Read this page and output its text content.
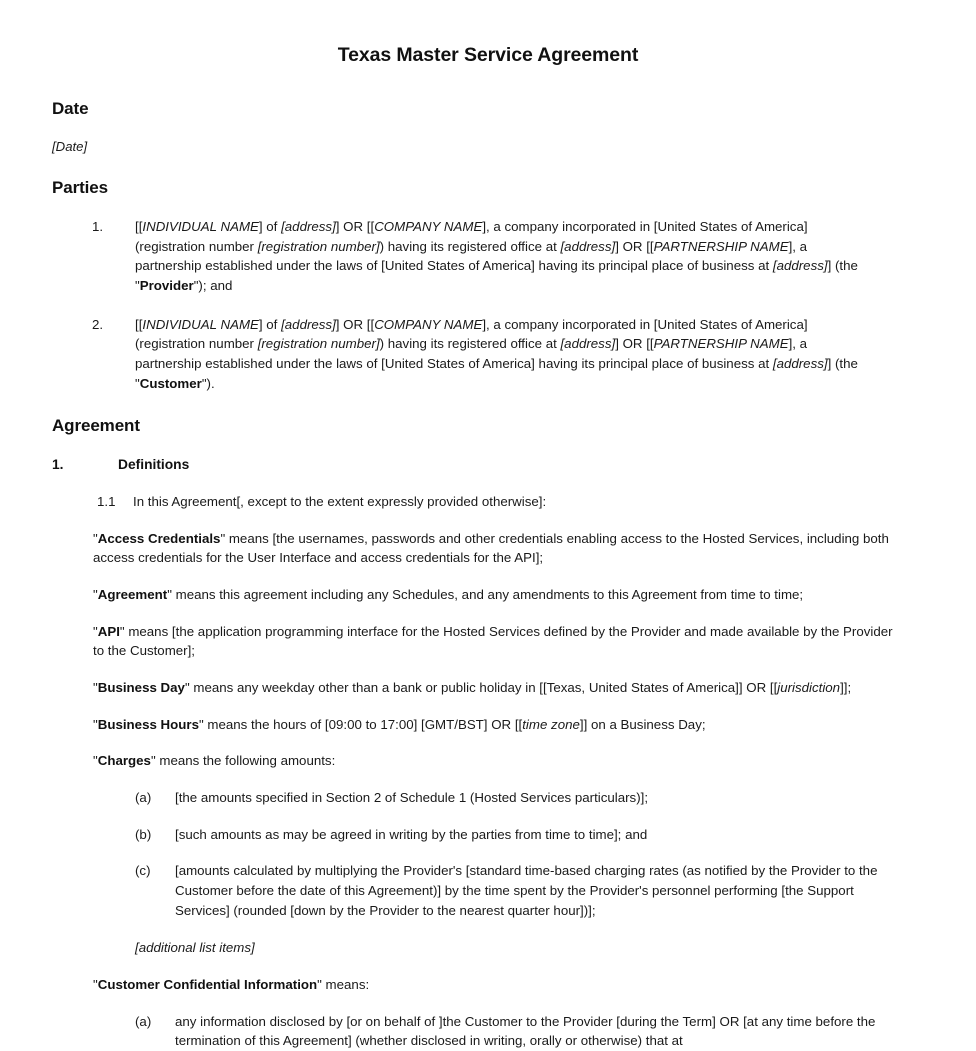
Texas Master Service Agreement
Date

[Date]

Parties
1.	[[INDIVIDUAL NAME] of [address]] OR [[COMPANY NAME], a company incorporated in [United States of America] (registration number [registration number]) having its registered office at [address]] OR [[PARTNERSHIP NAME], a partnership established under the laws of [United States of America] having its principal place of business at [address]] (the "Provider"); and
2.	[[INDIVIDUAL NAME] of [address]] OR [[COMPANY NAME], a company incorporated in [United States of America] (registration number [registration number]) having its registered office at [address]] OR [[PARTNERSHIP NAME], a partnership established under the laws of [United States of America] having its principal place of business at [address]] (the "Customer").
Agreement
1.	Definitions
1.1 In this Agreement[, except to the extent expressly provided otherwise]:

"Access Credentials" means [the usernames, passwords and other credentials enabling access to the Hosted Services, including both access credentials for the User Interface and access credentials for the API];

"Agreement" means this agreement including any Schedules, and any amendments to this Agreement from time to time;

"API" means [the application programming interface for the Hosted Services defined by the Provider and made available by the Provider to the Customer];

"Business Day" means any weekday other than a bank or public holiday in [[Texas, United States of America]] OR [[jurisdiction]];

"Business Hours" means the hours of [09:00 to 17:00] [GMT/BST] OR [[time zone]] on a Business Day;

"Charges" means the following amounts:

(a) [the amounts specified in Section 2 of Schedule 1 (Hosted Services particulars)];
(b) [such amounts as may be agreed in writing by the parties from time to time]; and
(c) [amounts calculated by multiplying the Provider's [standard time-based charging rates (as notified by the Provider to the Customer before the date of this Agreement)] by the time spent by the Provider's personnel performing [the Support Services] (rounded [down by the Provider to the nearest quarter hour])];

[additional list items]

"Customer Confidential Information" means:

(a) any information disclosed by [or on behalf of ]the Customer to the Provider [during the Term] OR [at any time before the termination of this Agreement] (whether disclosed in writing, orally or otherwise) that at
